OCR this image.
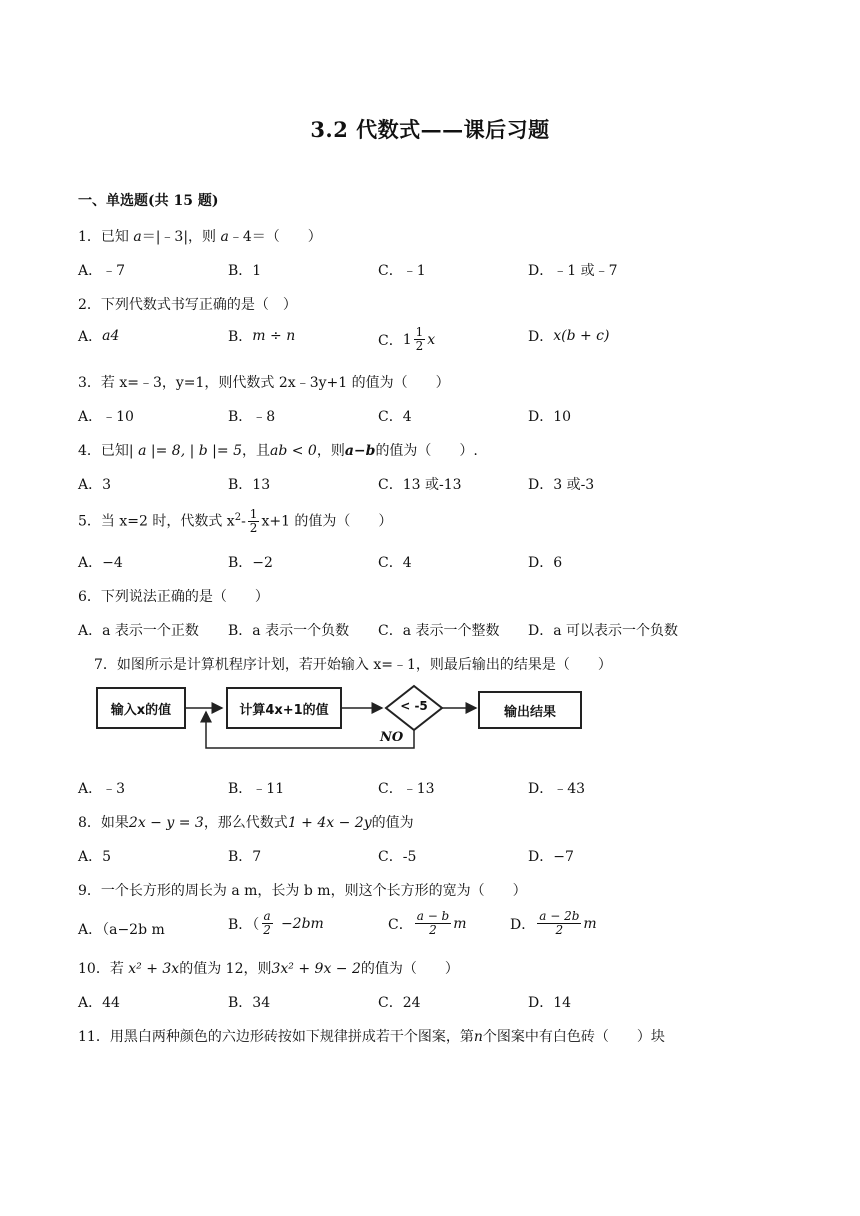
3.2 代数式——课后习题
一、单选题(共 15 题)
1．已知 a＝|﹣3|，则 a﹣4＝（　　）
A．﹣7	B．1	C．﹣1	D．﹣1 或﹣7
2．下列代数式书写正确的是（　）
A． a4	B． m ÷ n	C． $1 \frac{1}{2}$ x	D． x(b + c)
3．若 x=﹣3，y=1，则代数式 2x﹣3y+1 的值为（　　）
A．﹣10	B．﹣8	C．4	D．10
4．已知| a |= 8, | b |= 5，且ab < 0，则a−b的值为（　　）.
A．3	B．13	C．13 或-13	D．3 或-3
5．当 x=2 时，代数式 $x^2- \frac{1}{2} x+1$ 的值为（　　）
A．−4	B．−2	C．4	D．6
6．下列说法正确的是（　　）
A．a 表示一个正数 B．a 表示一个负数 C．a 表示一个整数 D．a 可以表示一个负数
7．如图所示是计算机程序计划，若开始输入 x=﹣1，则最后输出的结果是（　　）
输入x的值	计算4x+1的值	< -5	输出结果
NO
A．﹣3	B．﹣11	C．﹣13	D．﹣43
8．如果2x − y = 3，那么代数式1 + 4x − 2y的值为
A．5	B．7	C．-5	D．−7
9．一个长方形的周长为 a m，长为 b m，则这个长方形的宽为（　　）
A．（a−2b m	B．（ $\frac{a}{2} -2bm$	C． $\frac{a - b}{2}$ m	D． $\frac{a - 2b}{2}$ m
10．若 x² + 3x的值为 12，则3x² + 9x − 2的值为（　　）
A．44	B．34	C．24	D．14
11．用黑白两种颜色的六边形砖按如下规律拼成若干个图案，第n个图案中有白色砖（　　）块
